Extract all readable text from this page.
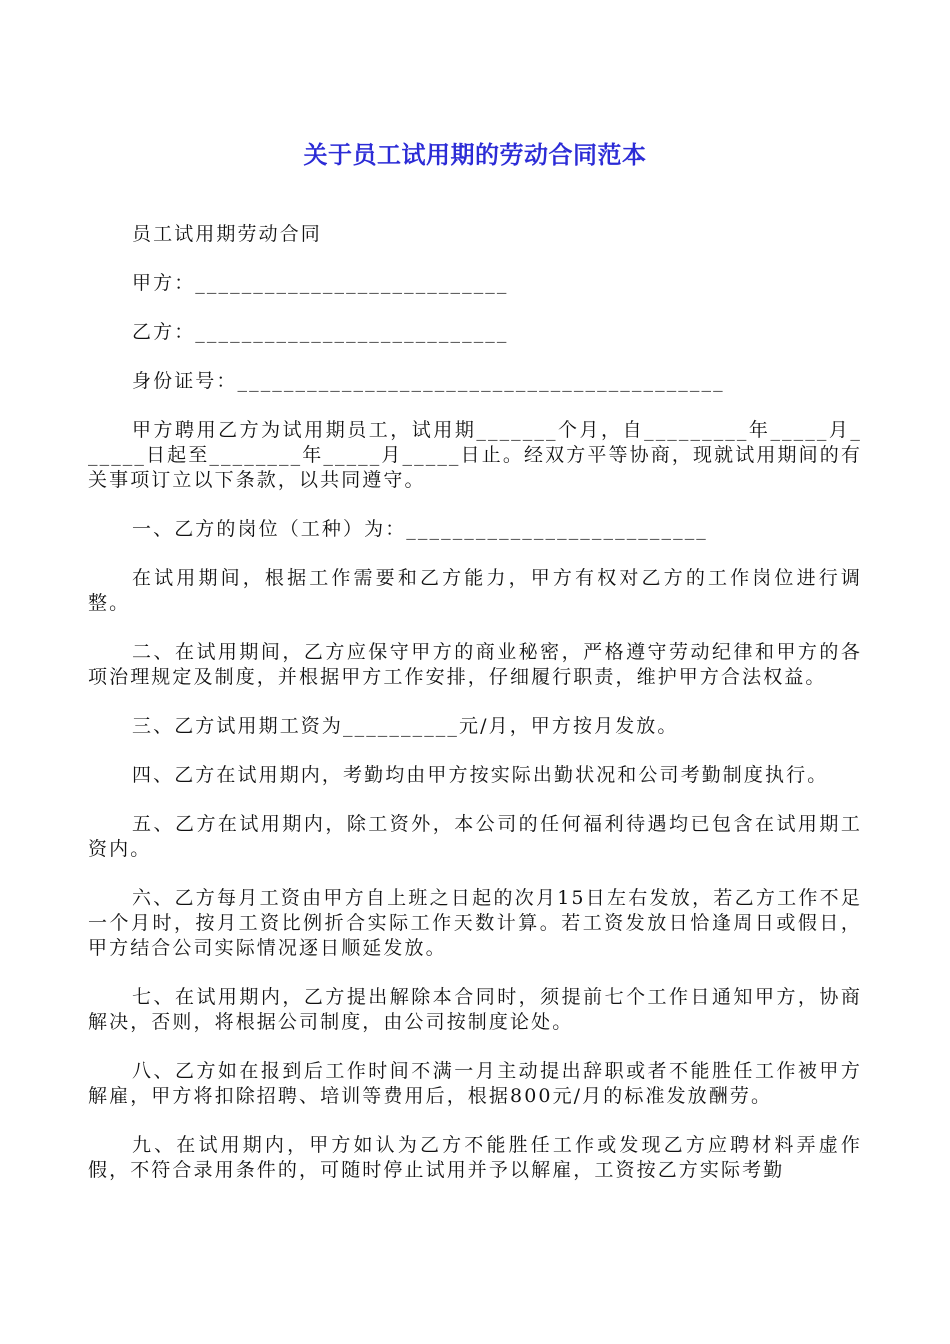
关于员工试用期的劳动合同范本

员工试用期劳动合同

甲方：___________________________

乙方：___________________________

身份证号：__________________________________________

甲方聘用乙方为试用期员工，试用期_______个月，自_________年_____月______日起至________年_____月_____日止。经双方平等协商，现就试用期间的有关事项订立以下条款，以共同遵守。

一、乙方的岗位（工种）为：__________________________

在试用期间，根据工作需要和乙方能力，甲方有权对乙方的工作岗位进行调整。

二、在试用期间，乙方应保守甲方的商业秘密，严格遵守劳动纪律和甲方的各项治理规定及制度，并根据甲方工作安排，仔细履行职责，维护甲方合法权益。

三、乙方试用期工资为__________元/月，甲方按月发放。

四、乙方在试用期内，考勤均由甲方按实际出勤状况和公司考勤制度执行。

五、乙方在试用期内，除工资外，本公司的任何福利待遇均已包含在试用期工资内。

六、乙方每月工资由甲方自上班之日起的次月15日左右发放，若乙方工作不足一个月时，按月工资比例折合实际工作天数计算。若工资发放日恰逢周日或假日，甲方结合公司实际情况逐日顺延发放。

七、在试用期内，乙方提出解除本合同时，须提前七个工作日通知甲方，协商解决，否则，将根据公司制度，由公司按制度论处。

八、乙方如在报到后工作时间不满一月主动提出辞职或者不能胜任工作被甲方解雇，甲方将扣除招聘、培训等费用后，根据800元/月的标准发放酬劳。

九、在试用期内，甲方如认为乙方不能胜任工作或发现乙方应聘材料弄虚作假，不符合录用条件的，可随时停止试用并予以解雇，工资按乙方实际考勤
